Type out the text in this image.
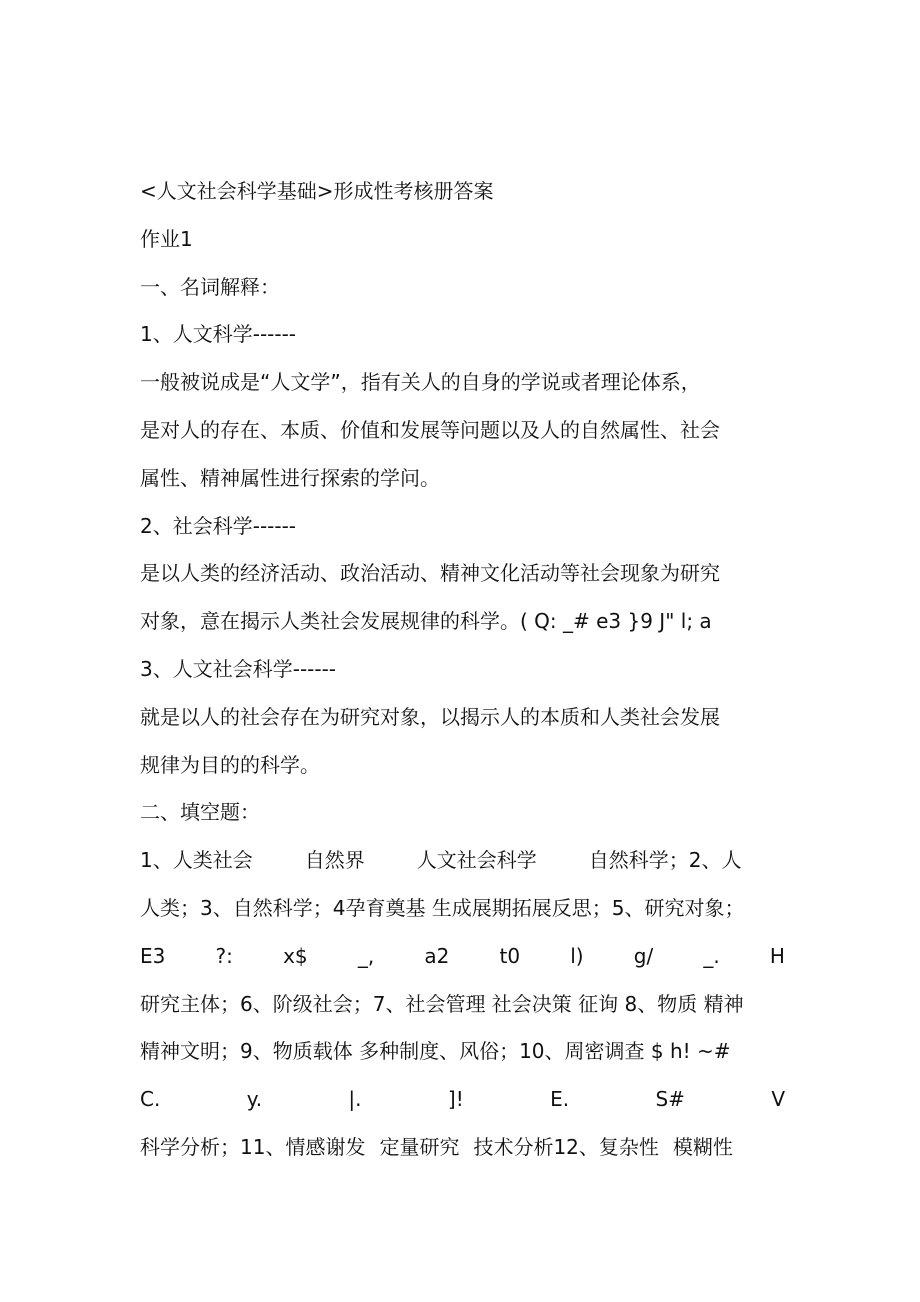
<人文社会科学基础>形成性考核册答案
作业1
一、名词解释：
1、人文科学------
一般被说成是“人文学”，指有关人的自身的学说或者理论体系，
是对人的存在、本质、价值和发展等问题以及人的自然属性、社会
属性、精神属性进行探索的学问。
2、社会科学------
是以人类的经济活动、政治活动、精神文化活动等社会现象为研究
对象，意在揭示人类社会发展规律的科学。( Q: _# e3 }9 J" l; a
3、人文社会科学------
就是以人的社会存在为研究对象，以揭示人的本质和人类社会发展
规律为目的的科学。
二、填空题：
1、人类社会	自然界	人文社会科学	自然科学；2、人
人类；3、自然科学；4孕育奠基 生成展期拓展反思；5、研究对象；
E3	?:	x$	_,	a2	t0	l)	g/	_.	H
研究主体；6、阶级社会；7、社会管理 社会决策 征询 8、物质 精神
精神文明；9、物质载体 多种制度、风俗；10、周密调查 $ h! ~#
C.	y.	|.	]!	E.	S#	V
科学分析；11、情感谢发 定量研究 技术分析12、复杂性 模糊性
